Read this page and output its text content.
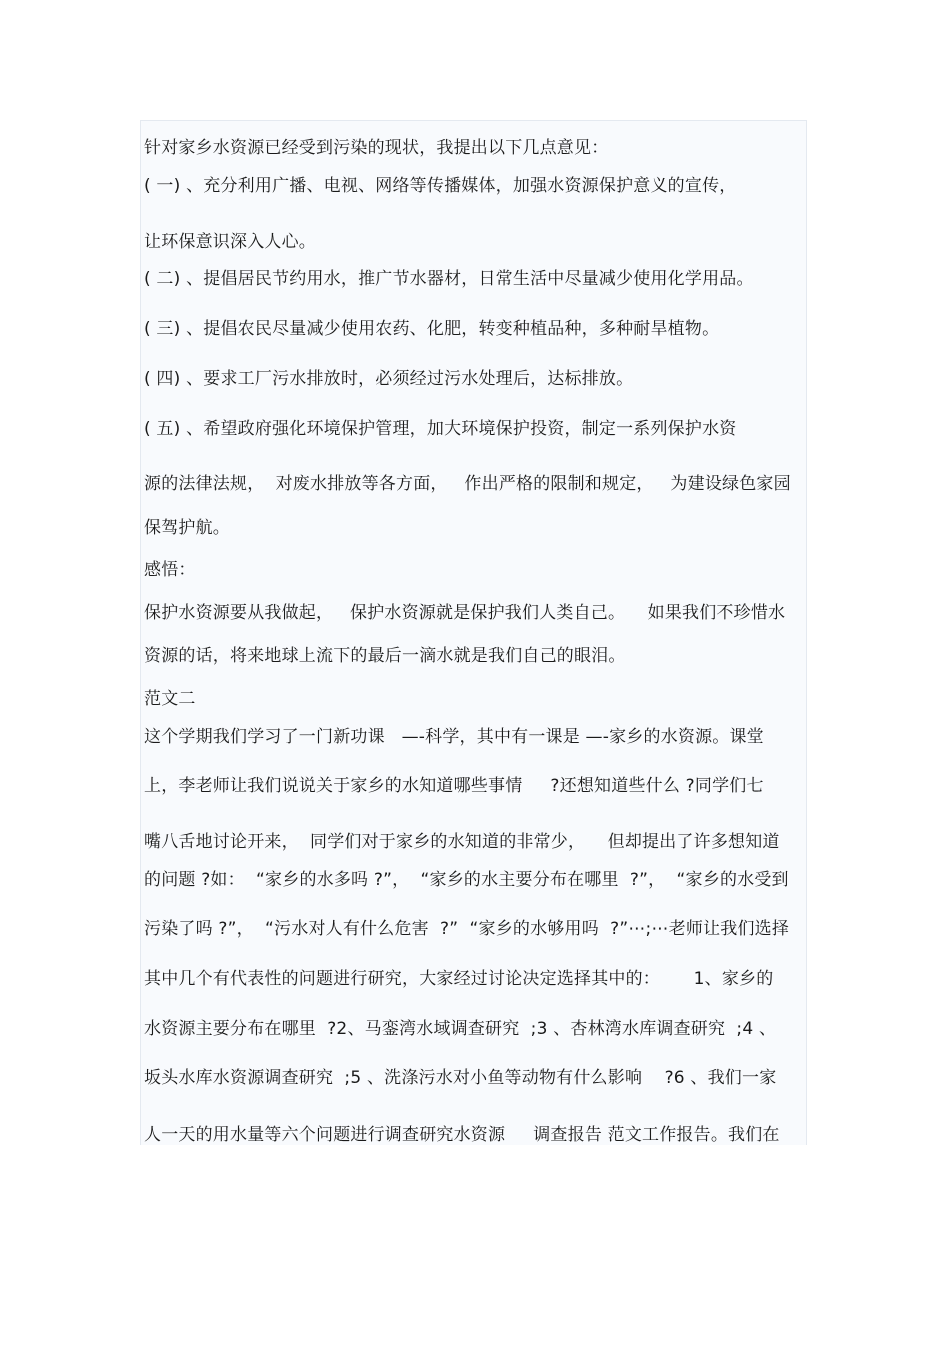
针对家乡水资源已经受到污染的现状，我提出以下几点意见：
( 一) 、充分利用广播、电视、网络等传播媒体，加强水资源保护意义的宣传，
让环保意识深入人心。
( 二) 、提倡居民节约用水，推广节水器材，日常生活中尽量减少使用化学用品。
( 三) 、提倡农民尽量减少使用农药、化肥，转变种植品种，多种耐旱植物。
( 四) 、要求工厂污水排放时，必须经过污水处理后，达标排放。
( 五) 、希望政府强化环境保护管理，加大环境保护投资，制定一系列保护水资
源的法律法规，  对废水排放等各方面，   作出严格的限制和规定，   为建设绿色家园
保驾护航。
感悟：
保护水资源要从我做起，   保护水资源就是保护我们人类自己。    如果我们不珍惜水
资源的话，将来地球上流下的最后一滴水就是我们自己的眼泪。
范文二
这个学期我们学习了一门新功课   —-科学，其中有一课是 —-家乡的水资源。课堂
上，李老师让我们说说关于家乡的水知道哪些事情     ?还想知道些什么 ?同学们七
嘴八舌地讨论开来，  同学们对于家乡的水知道的非常少，    但却提出了许多想知道
的问题 ?如：  “家乡的水多吗 ?”，  “家乡的水主要分布在哪里  ?”，  “家乡的水受到
污染了吗 ?”，  “污水对人有什么危害  ?”  “家乡的水够用吗  ?”⋯;⋯老师让我们选择
其中几个有代表性的问题进行研究，大家经过讨论决定选择其中的：      1、家乡的
水资源主要分布在哪里  ?2、马銮湾水域调查研究  ;3 、杏林湾水库调查研究  ;4 、
坂头水库水资源调查研究  ;5 、洗涤污水对小鱼等动物有什么影响    ?6 、我们一家
人一天的用水量等六个问题进行调查研究水资源     调查报告 范文工作报告。我们在
